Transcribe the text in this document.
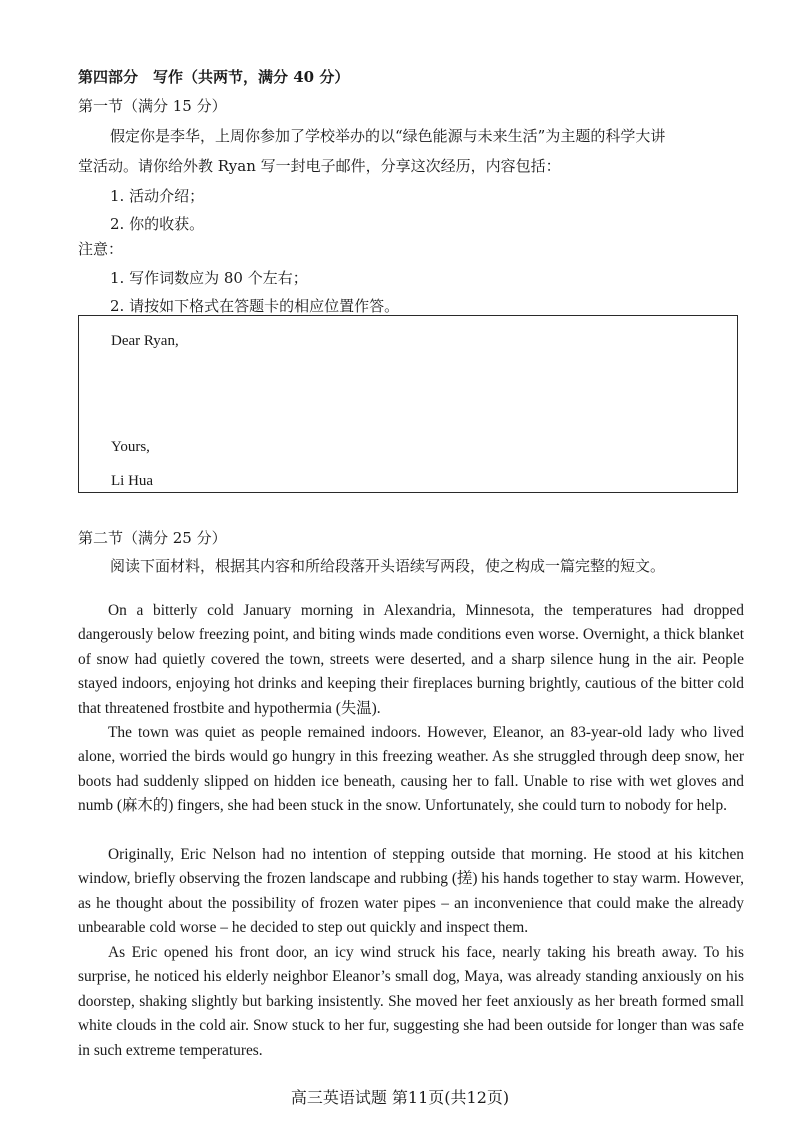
第四部分　写作（共两节，满分 40 分）
第一节（满分 15 分）
假定你是李华，上周你参加了学校举办的以“绿色能源与未来生活”为主题的科学大讲
堂活动。请你给外教 Ryan 写一封电子邮件，分享这次经历，内容包括：
1. 活动介绍；
2. 你的收获。
注意：
1. 写作词数应为 80 个左右；
2. 请按如下格式在答题卡的相应位置作答。
Dear Ryan,
Yours,
Li Hua
第二节（满分 25 分）
阅读下面材料，根据其内容和所给段落开头语续写两段，使之构成一篇完整的短文。

On a bitterly cold January morning in Alexandria, Minnesota, the temperatures had dropped dangerously below freezing point, and biting winds made conditions even worse. Overnight, a thick blanket of snow had quietly covered the town, streets were deserted, and a sharp silence hung in the air. People stayed indoors, enjoying hot drinks and keeping their fireplaces burning brightly, cautious of the bitter cold that threatened frostbite and hypothermia (失温).

The town was quiet as people remained indoors. However, Eleanor, an 83-year-old lady who lived alone, worried the birds would go hungry in this freezing weather. As she struggled through deep snow, her boots had suddenly slipped on hidden ice beneath, causing her to fall. Unable to rise with wet gloves and numb (麻木的) fingers, she had been stuck in the snow. Unfortunately, she could turn to nobody for help.

Originally, Eric Nelson had no intention of stepping outside that morning. He stood at his kitchen window, briefly observing the frozen landscape and rubbing (搓) his hands together to stay warm. However, as he thought about the possibility of frozen water pipes – an inconvenience that could make the already unbearable cold worse – he decided to step out quickly and inspect them.

As Eric opened his front door, an icy wind struck his face, nearly taking his breath away. To his surprise, he noticed his elderly neighbor Eleanor’s small dog, Maya, was already standing anxiously on his doorstep, shaking slightly but barking insistently. She moved her feet anxiously as her breath formed small white clouds in the cold air. Snow stuck to her fur, suggesting she had been outside for longer than was safe in such extreme temperatures.

高三英语试题 第11页(共12页)
